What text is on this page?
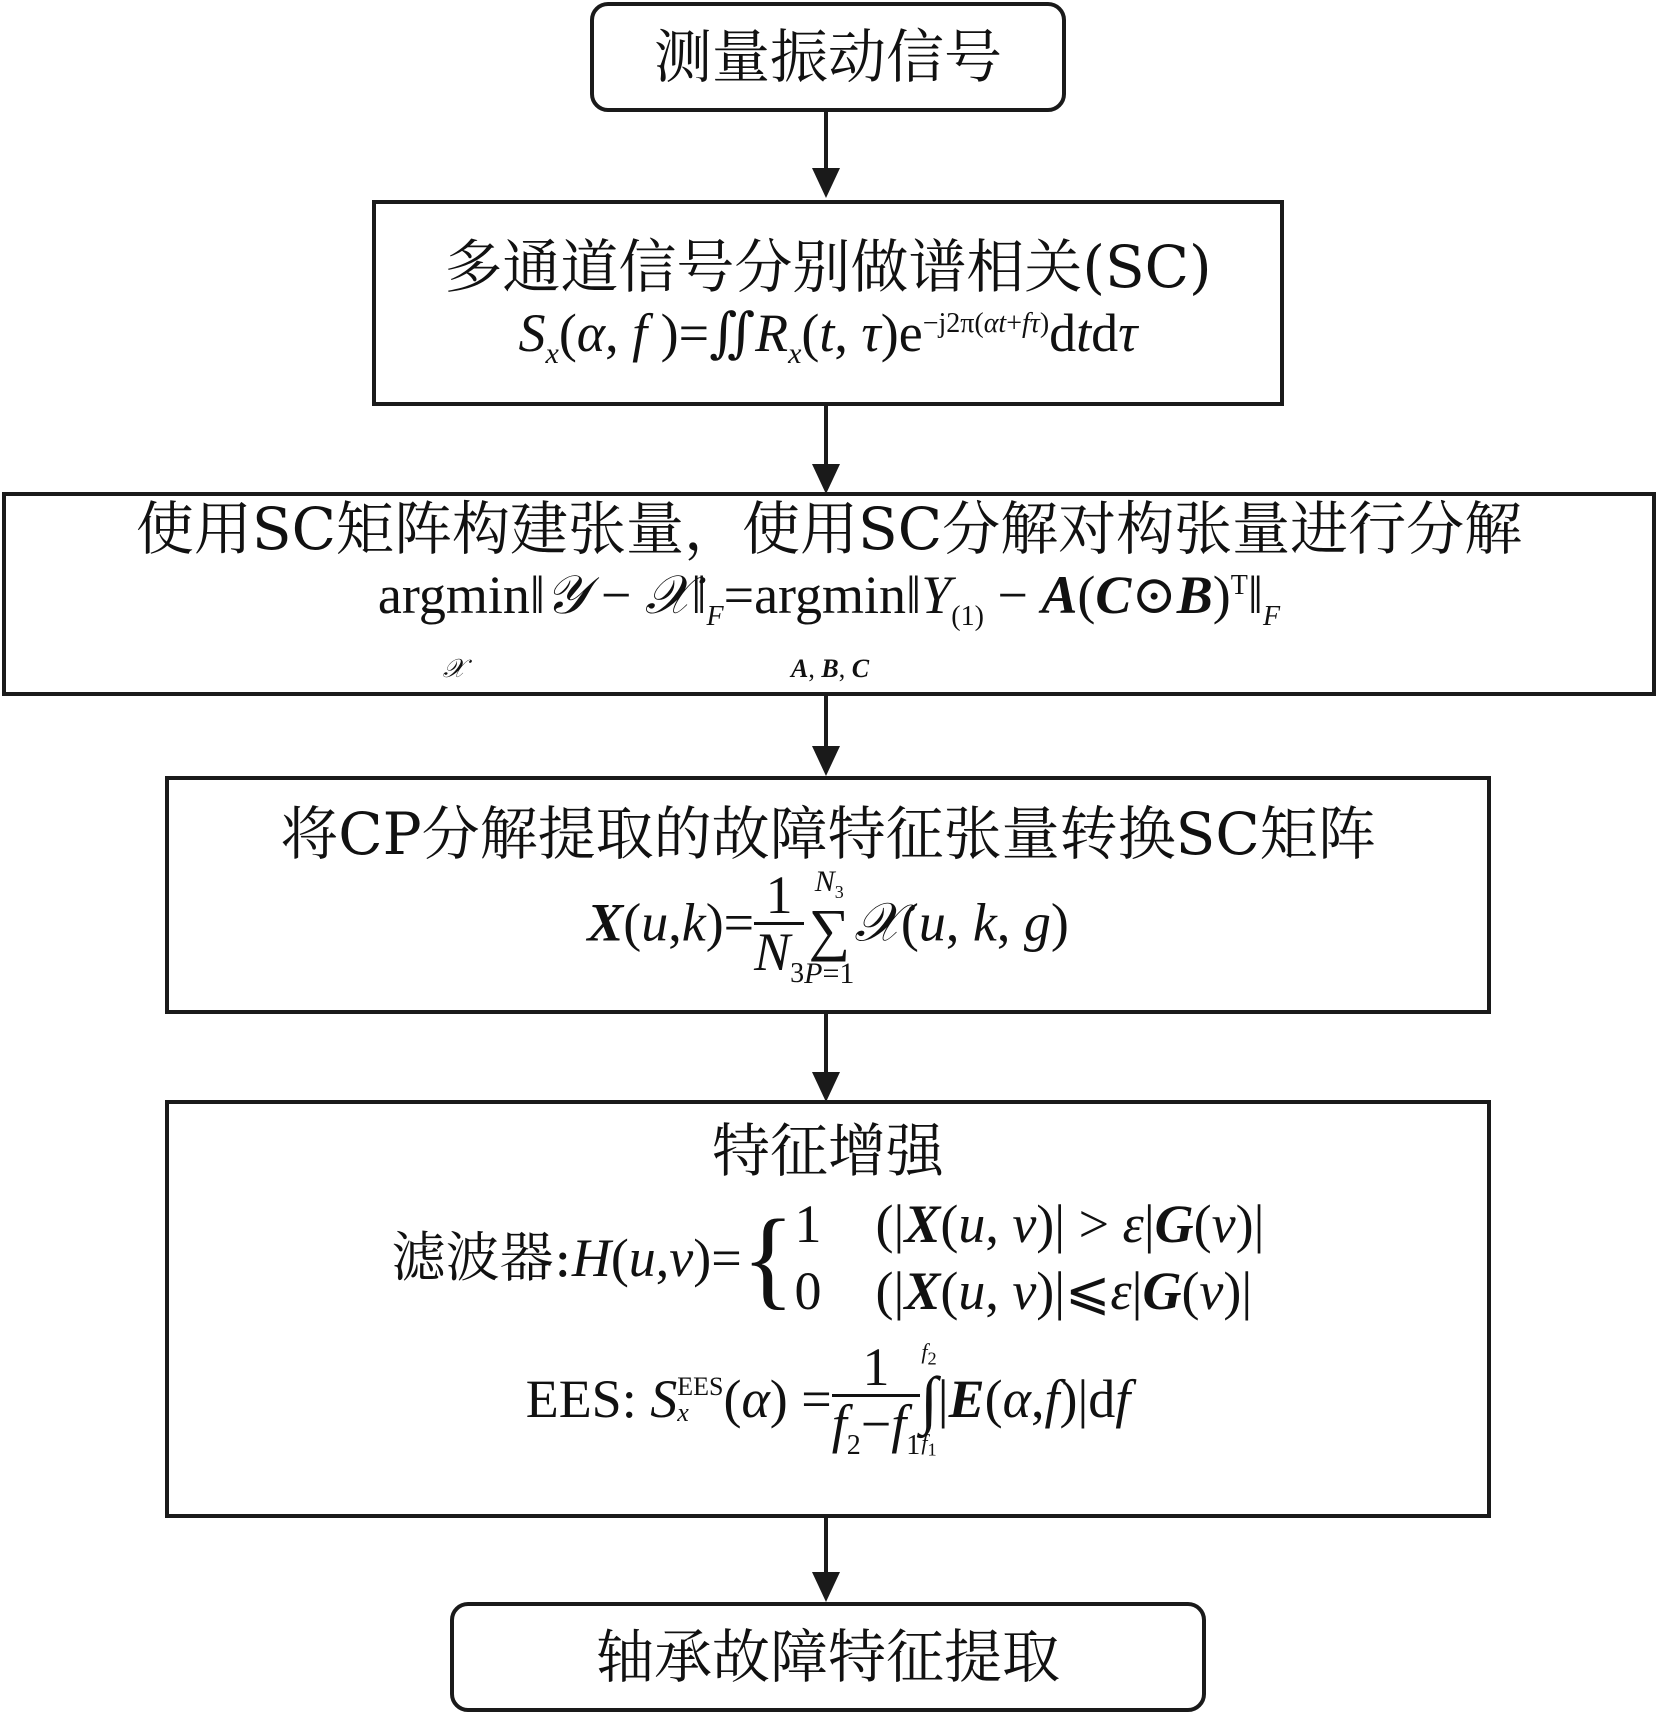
测量振动信号
多通道信号分别做谱相关(SC)
$S_x(\alpha$, f )$=∬R_x(t$, $\tau)e^{-j2\pi(\alpha t+f\tau)}dtd\tau$
使用SC矩阵构建张量，使用SC分解对构张量进行分解
argmin
𝒳‖𝒴 − $𝒳‖_F=argmin$
A, B, $C‖Y_{(1)}$ − $A(C⊙B)^T‖_F$
将CP分解提取的故障特征张量转换SC矩阵
$X(u,k)= \frac{1}{N_3} N_3$
∑
P=1𝒳(u, k, g)
特征增强
滤波器: H ( u , v )= { 1    (|X(u, v)| > ε|G(v)|
0    (|X(u, v)|⩽ε|G(v)|
EES: S EES
x ( α ) =
1
$f_2-f_1$
$f_2$
∫
$f_1$
| E ( α , f )|d f
轴承故障特征提取
